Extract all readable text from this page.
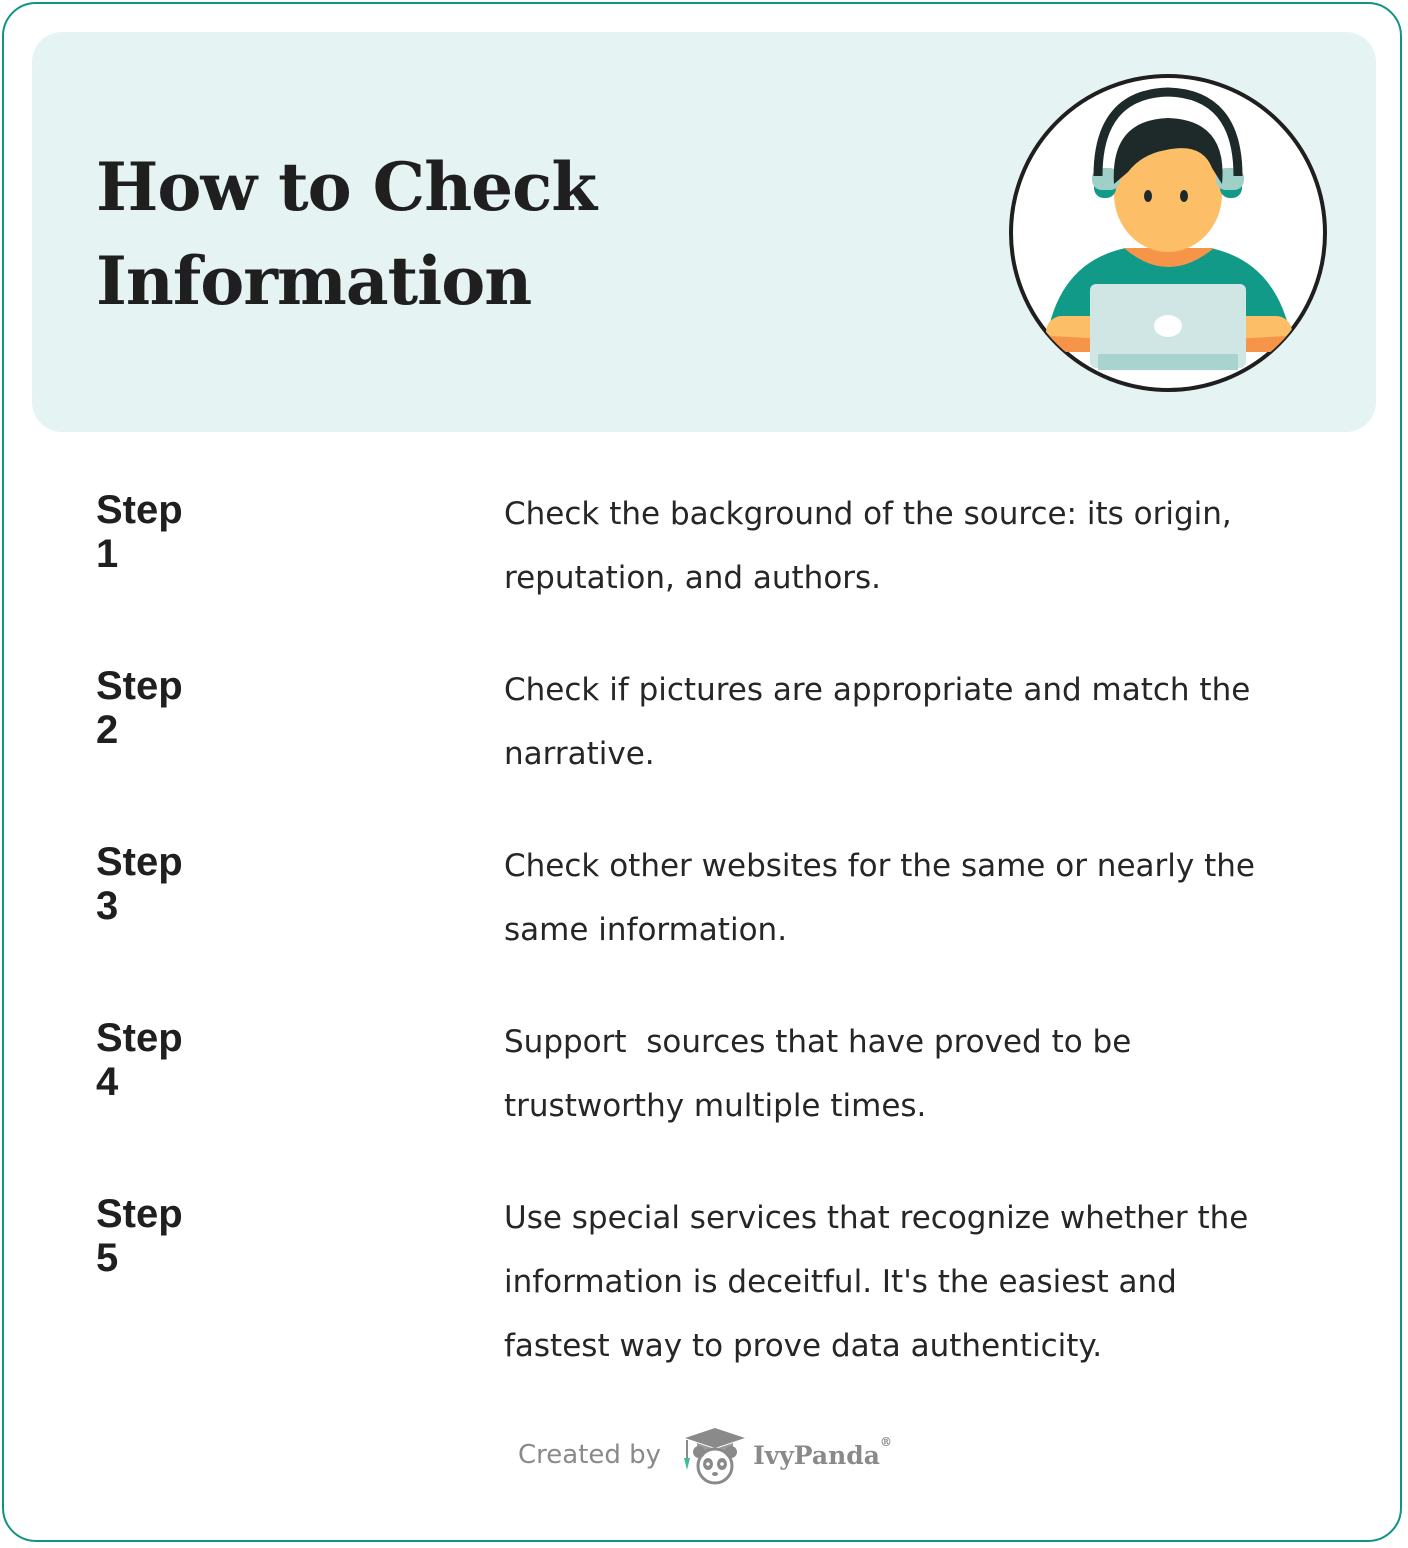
How to Check
Information
Step 1
Check the background of the source: its origin,
reputation, and authors.
Step 2
Check if pictures are appropriate and match the
narrative.
Step 3
Check other websites for the same or nearly the
same information.
Step 4
Support  sources that have proved to be
trustworthy multiple times.
Step 5
Use special services that recognize whether the
information is deceitful. It's the easiest and
fastest way to prove data authenticity.
Created by	IvyPanda®
